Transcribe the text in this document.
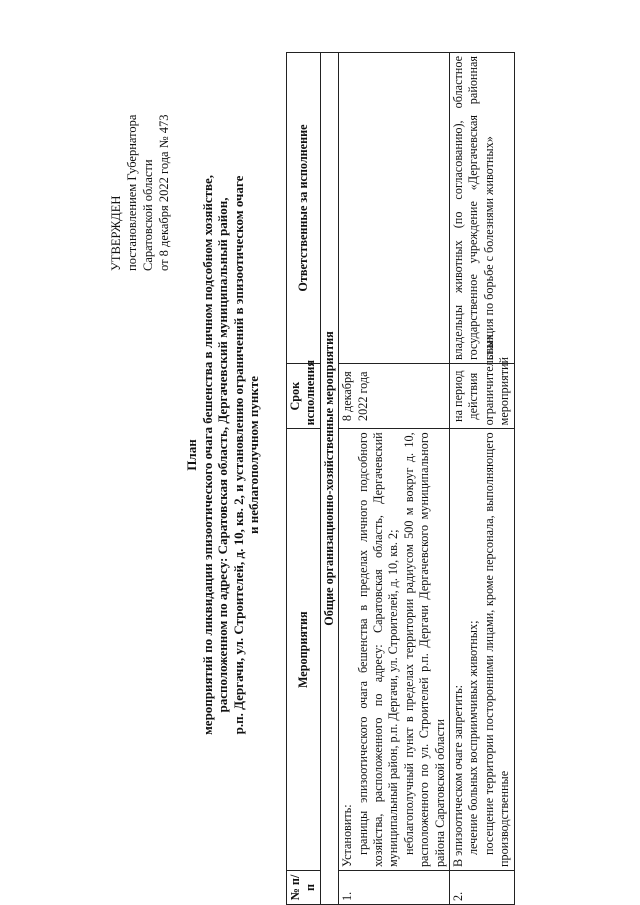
УТВЕРЖДЕН постановлением Губернатора Саратовской области от 8 декабря 2022 года № 473
План мероприятий по ликвидации эпизоотического очага бешенства в личном подсобном хозяйстве, расположенном по адресу: Саратовская область, Дергачевский муниципальный район, р.п. Дергачи, ул. Строителей, д. 10, кв. 2, и установлению ограничений в эпизоотическом очаге и неблагополучном пункте
№ п/п	Мероприятия	Срок исполнения	Ответственные за исполнение
Общие организационно-хозяйственные мероприятия			
1.	Установить: границы эпизоотического очага бешенства в пределах личного подсобного хозяйства, расположенного по адресу: Саратовская область, Дергачевский муниципальный район, р.п. Дергачи, ул. Строителей, д. 10, кв. 2; неблагополучный пункт в пределах территории радиусом 500 м вокруг д. 10, расположенного по ул. Строителей р.п. Дергачи Дергачевского муниципального района Саратовской области	8 декабря 2022 года	
2.	В эпизоотическом очаге запретить: лечение больных восприимчивых животных; посещение территории посторонними лицами, кроме персонала, выполняющего производственные	на период действия ограничительных мероприятий	владельцы животных (по согласованию), областное государственное учреждение «Дергачевская районная станция по борьбе с болезнями животных»
